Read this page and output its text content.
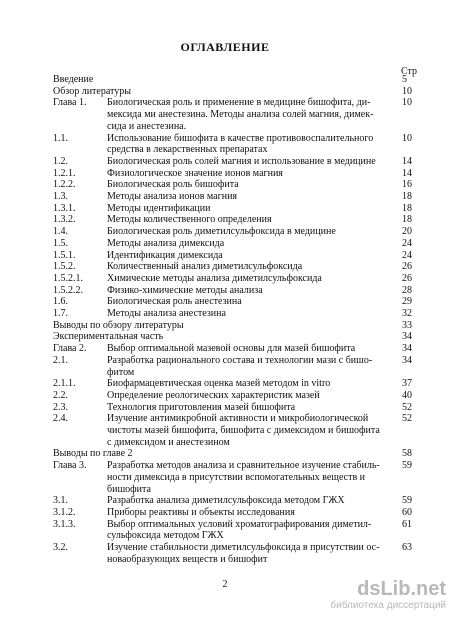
ОГЛАВЛЕНИЕ
Стр
Введение	5
Обзор литературы	10
Глава 1. Биологическая роль и применение в медицине бишофита, ди-	10
мексида ми анестезина. Методы анализа солей магния, димек-
сида и анестезина.
1.1.	Использование бишофита в качестве противовоспалительного	10
средства в лекарственных препаратах
1.2.	Биологическая роль солей магния и использование в медицине	14
1.2.1.	Физиологическое значение ионов магния	14
1.2.2.	Биологическая роль бишофита	16
1.3.	Методы анализа ионов магния	18
1.3.1.	Методы идентификации	18
1.3.2.	Методы количественного определения	18
1.4.	Биологическая роль диметилсульфоксида в медицине	20
1.5.	Методы анализа димексида	24
1.5.1.	Идентификация димексида	24
1.5.2.	Количественный анализ диметилсульфоксида	26
1.5.2.1. Химические методы анализа диметилсульфоксида	26
1.5.2.2. Физико-химические методы анализа	28
1.6.	Биологическая роль анестезина	29
1.7.	Методы анализа анестезина	32
Выводы по обзору литературы	33
Экспериментальная часть	34
Глава 2. Выбор оптимальной мазевой основы для мазей бишофита	34
2.1.	Разработка рационального состава и технологии мази с бишо-	34
фитом
2.1.1.	Биофармацевтическая оценка мазей методом in vitro	37
2.2.	Определение реологических характеристик мазей	40
2.3.	Технология приготовления мазей бишофита	52
2.4.	Изучение антимикробной активности и микробиологической	52
чистоты мазей бишофита, бишофита с димексидом и бишофита
с димексидом и анестезином
Выводы по главе 2	58
Глава 3. Разработка методов анализа и сравнительное изучение стабиль- 59
ности димексида в присутствии вспомогательных веществ и
бишофита
3.1.	Разработка анализа диметилсульфоксида методом ГЖХ	59
3.1.2.	Приборы реактивы и объекты исследования	60
3.1.3.	Выбор оптимальных условий хроматографирования диметил-	61
сульфоксида методом ГЖХ
3.2.	Изучение стабильности диметилсульфоксида в присутствии ос- 63
новаобразующих веществ и бишофит
2	dsLib.net
библиотека диссертаций
